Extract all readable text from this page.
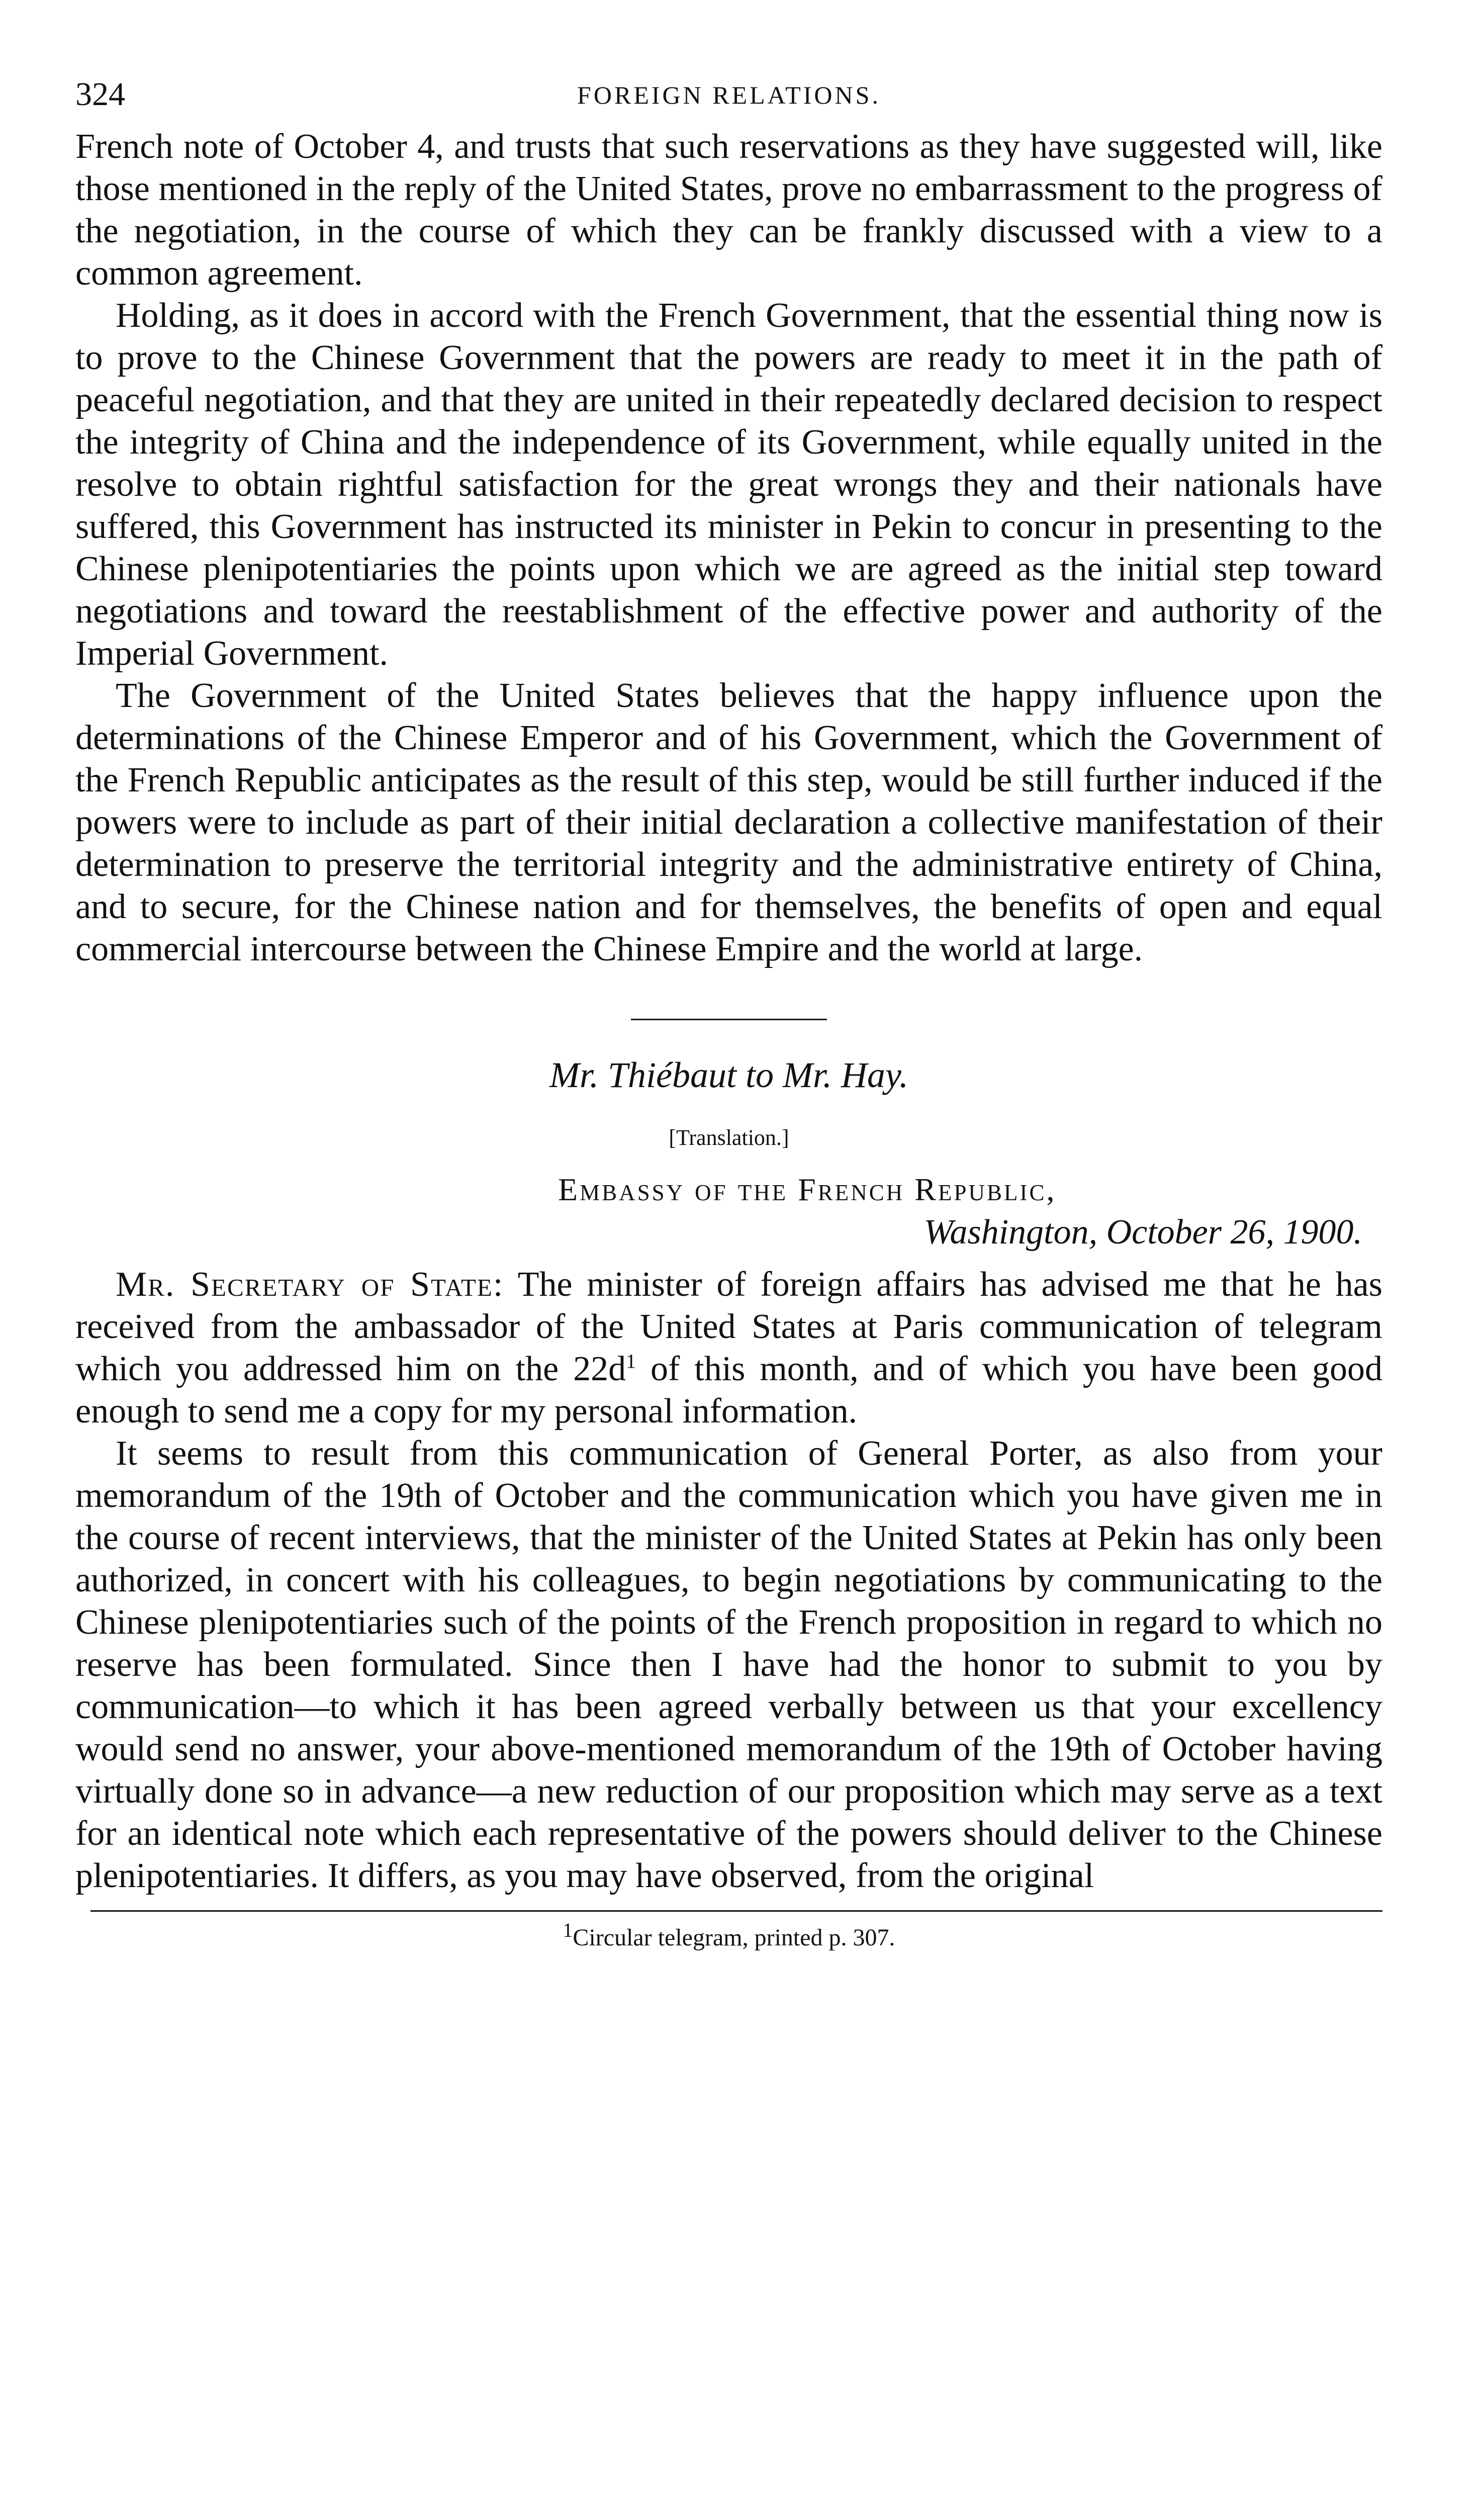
324	FOREIGN RELATIONS.

French note of October 4, and trusts that such reservations as they have suggested will, like those mentioned in the reply of the United States, prove no embarrassment to the progress of the negotiation, in the course of which they can be frankly discussed with a view to a common agreement.

Holding, as it does in accord with the French Government, that the essential thing now is to prove to the Chinese Government that the powers are ready to meet it in the path of peaceful negotiation, and that they are united in their repeatedly declared decision to respect the integrity of China and the independence of its Government, while equally united in the resolve to obtain rightful satisfaction for the great wrongs they and their nationals have suffered, this Government has instructed its minister in Pekin to concur in presenting to the Chinese plenipotentiaries the points upon which we are agreed as the initial step toward negotiations and toward the reestablishment of the effective power and authority of the Imperial Government.

The Government of the United States believes that the happy influence upon the determinations of the Chinese Emperor and of his Government, which the Government of the French Republic anticipates as the result of this step, would be still further induced if the powers were to include as part of their initial declaration a collective manifestation of their determination to preserve the territorial integrity and the administrative entirety of China, and to secure, for the Chinese nation and for themselves, the benefits of open and equal commercial intercourse between the Chinese Empire and the world at large.

Mr. Thiébaut to Mr. Hay.
[Translation.]
Embassy of the French Republic,
Washington, October 26, 1900.

Mr. Secretary of State: The minister of foreign affairs has advised me that he has received from the ambassador of the United States at Paris communication of telegram which you addressed him on the $22d^1$ of this month, and of which you have been good enough to send me a copy for my personal information.

It seems to result from this communication of General Porter, as also from your memorandum of the 19th of October and the communication which you have given me in the course of recent interviews, that the minister of the United States at Pekin has only been authorized, in concert with his colleagues, to begin negotiations by communicating to the Chinese plenipotentiaries such of the points of the French proposition in regard to which no reserve has been formulated. Since then I have had the honor to submit to you by communication—to which it has been agreed verbally between us that your excellency would send no answer, your above-mentioned memorandum of the 19th of October having virtually done so in advance—a new reduction of our proposition which may serve as a text for an identical note which each representative of the powers should deliver to the Chinese plenipotentiaries. It differs, as you may have observed, from the original

$^1$Circular telegram, printed p. 307.
